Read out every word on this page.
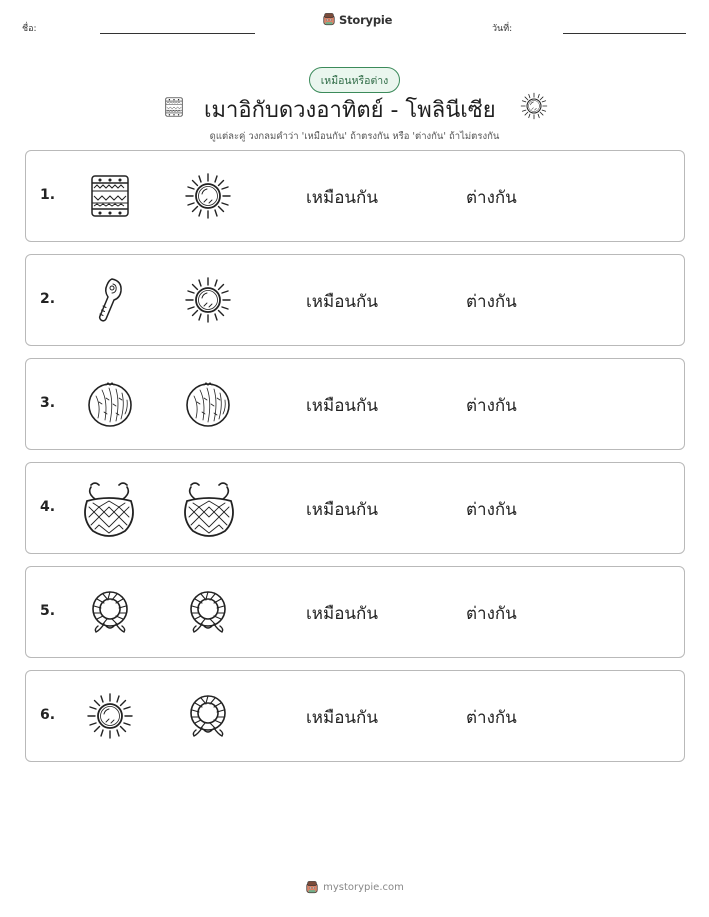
ชื่อ:
Storypie
วันที่:
เหมือนหรือต่าง
เมาอิกับดวงอาทิตย์ - โพลินีเซีย
ดูแต่ละคู่ วงกลมคำว่า 'เหมือนกัน' ถ้าตรงกัน หรือ 'ต่างกัน' ถ้าไม่ตรงกัน
1.	เหมือนกัน	ต่างกัน
2.	เหมือนกัน	ต่างกัน
3.	เหมือนกัน	ต่างกัน
4.	เหมือนกัน	ต่างกัน
5.	เหมือนกัน	ต่างกัน
6.	เหมือนกัน	ต่างกัน
mystorypie.com
